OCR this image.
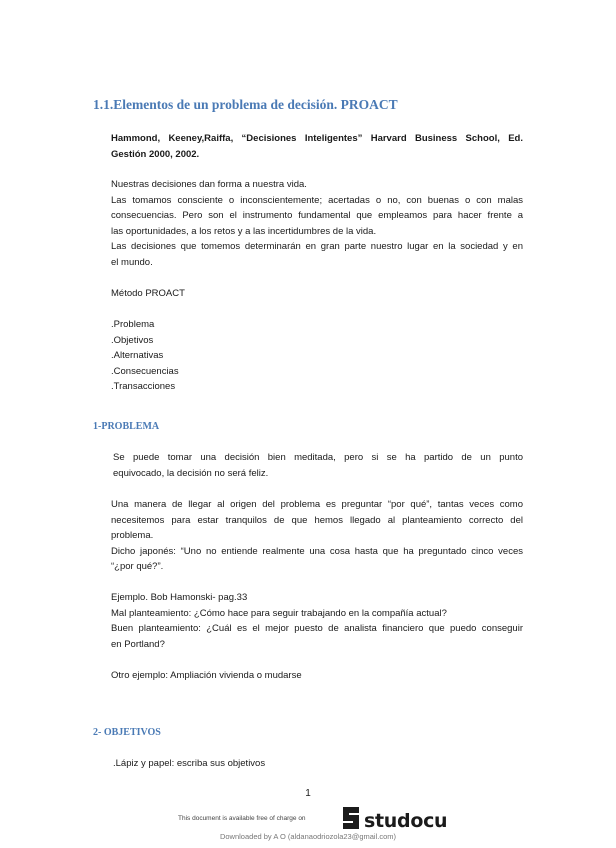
1.1.Elementos de un problema de decisión. PROACT
Hammond, Keeney,Raiffa, “Decisiones Inteligentes” Harvard Business School, Ed.
Gestión 2000, 2002.
Nuestras decisiones dan forma a nuestra vida.
Las tomamos consciente o inconscientemente; acertadas o no, con buenas o con malas
consecuencias. Pero son el instrumento fundamental que empleamos para hacer frente a
las oportunidades, a los retos y a las incertidumbres de la vida.
Las decisiones que tomemos determinarán en gran parte nuestro lugar en la sociedad y en
el mundo.
Método PROACT
.Problema
.Objetivos
.Alternativas
.Consecuencias
.Transacciones
1-PROBLEMA
Se puede tomar una decisión bien meditada, pero si se ha partido de un punto
equivocado, la decisión no será feliz.
Una manera de llegar al origen del problema es preguntar “por qué”, tantas veces como
necesitemos para estar tranquilos de que hemos llegado al planteamiento correcto del
problema.
Dicho japonés: “Uno no entiende realmente una cosa hasta que ha preguntado cinco veces
“¿por qué?”.
Ejemplo. Bob Hamonski- pag.33
Mal planteamiento: ¿Cómo hace para seguir trabajando en la compañía actual?
Buen planteamiento: ¿Cuál es el mejor puesto de analista financiero que puedo conseguir
en Portland?
Otro ejemplo: Ampliación vivienda o mudarse
2- OBJETIVOS
.Lápiz y papel: escriba sus objetivos
1
This document is available free of charge on	studocu
Downloaded by A O (aldanaodriozola23@gmail.com)
